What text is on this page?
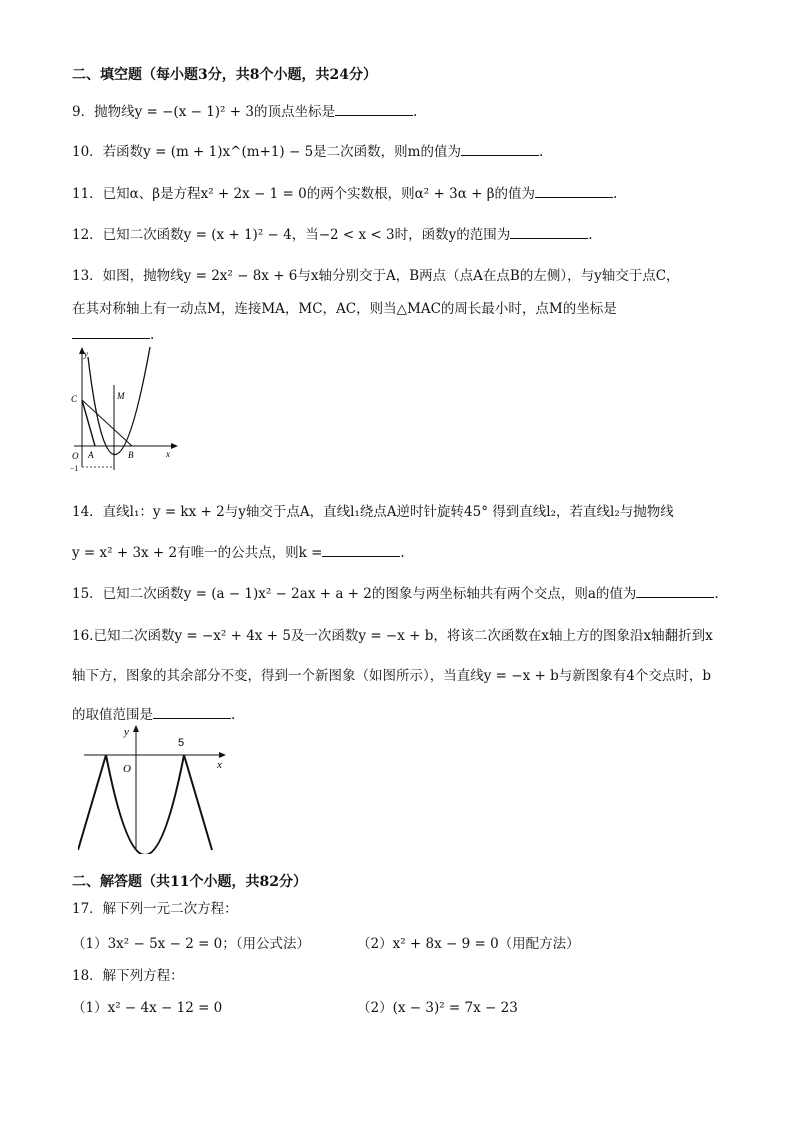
二、填空题（每小题3分，共8个小题，共24分）
9．抛物线y = −(x − 1)² + 3的顶点坐标是	.
10．若函数y = (m + 1)x^(m+1) − 5是二次函数，则m的值为	.
11．已知α、β是方程x² + 2x − 1 = 0的两个实数根，则α² + 3α + β的值为	.
12．已知二次函数y = (x + 1)² − 4，当−2 < x < 3时，函数y的范围为	.
13．如图，抛物线y = 2x² − 8x + 6与x轴分别交于A，B两点（点A在点B的左侧），与y轴交于点C，
在其对称轴上有一动点M，连接MA，MC，AC，则当△MAC的周长最小时，点M的坐标是
.
y
C	M
O A	B
−1
x
14．直线l₁：y = kx + 2与y轴交于点A，直线l₁绕点A逆时针旋转45° 得到直线l₂，若直线l₂与抛物线
y = x² + 3x + 2有唯一的公共点，则k =	.
15．已知二次函数y = (a − 1)x² − 2ax + a + 2的图象与两坐标轴共有两个交点，则a的值为	.
16.已知二次函数y = −x² + 4x + 5及一次函数y = −x + b，将该二次函数在x轴上方的图象沿x轴翻折到x
轴下方，图象的其余部分不变，得到一个新图象（如图所示），当直线y = −x + b与新图象有4个交点时，b
的取值范围是	.
y
O
5
x
二、解答题（共11个小题，共82分）
17．解下列一元二次方程：
（1）3x² − 5x − 2 = 0；（用公式法）	（2）x² + 8x − 9 = 0（用配方法）
18．解下列方程：
（1）x² − 4x − 12 = 0	（2）(x − 3)² = 7x − 23
